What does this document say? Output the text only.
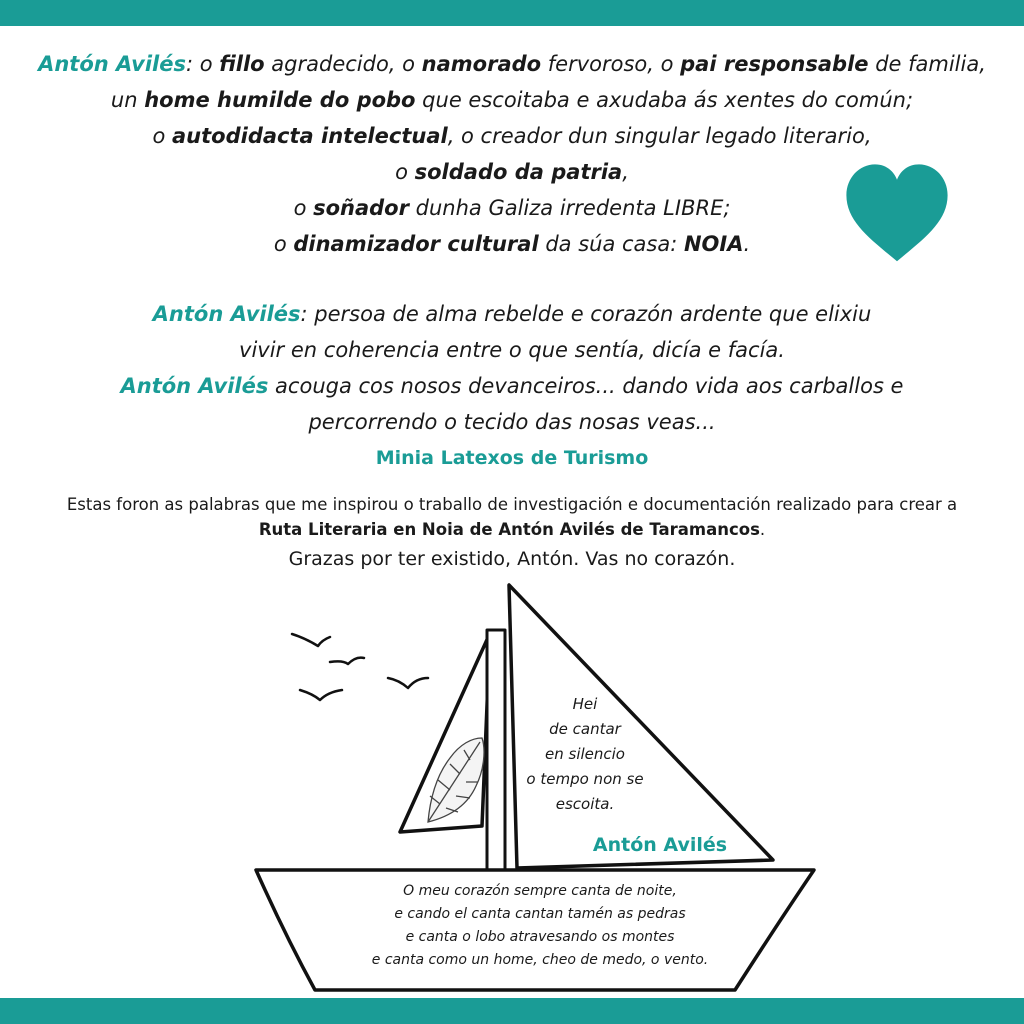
Antón Avilés: o fillo agradecido, o namorado fervoroso, o pai responsable de familia,

un home humilde do pobo que escoitaba e axudaba ás xentes do común;

o autodidacta intelectual, o creador dun singular legado literario,

o soldado da patria,

o soñador dunha Galiza irredenta LIBRE;

o dinamizador cultural da súa casa: NOIA.

Antón Avilés: persoa de alma rebelde e corazón ardente que elixiu

vivir en coherencia entre o que sentía, dicía e facía.

Antón Avilés acouga cos nosos devanceiros... dando vida aos carballos e

percorrendo o tecido das nosas veas...

Minia Latexos de Turismo

Estas foron as palabras que me inspirou o traballo de investigación e documentación realizado para crear a

Ruta Literaria en Noia de Antón Avilés de Taramancos.

Grazas por ter existido, Antón. Vas no corazón.

Hei
de cantar
en silencio
o tempo non se
escoita.
Antón Avilés
O meu corazón sempre canta de noite,
e cando el canta cantan tamén as pedras
e canta o lobo atravesando os montes
e canta como un home, cheo de medo, o vento.
